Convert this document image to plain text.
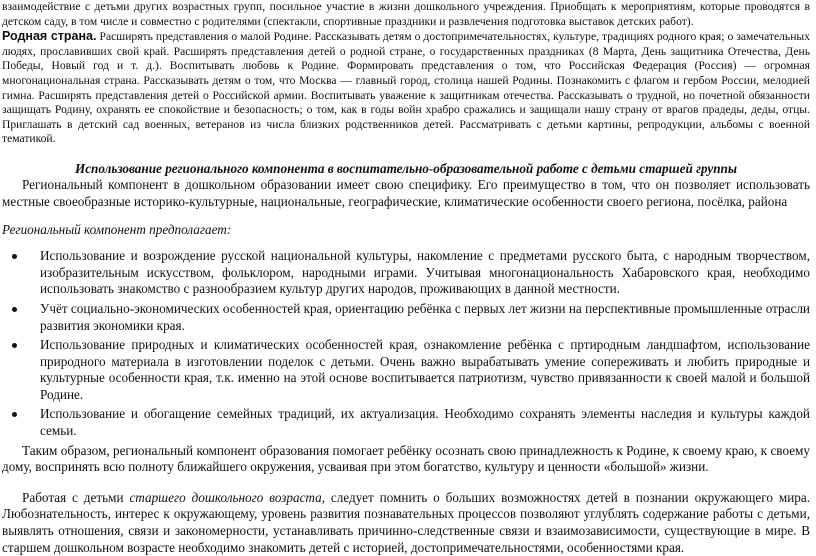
взаимодействие с детьми других возрастных групп, посильное участие в жизни дошкольного учреждения. Приобщать к мероприятиям, которые проводятся в детском саду, в том числе и совместно с родителями (спектакли, спортивные праздники и развлечения подготовка выставок детских работ).
Родная страна. Расширять представления о малой Родине. Рассказывать детям о достопримечательностях, культуре, традициях родного края; о замечательных людях, прославивших свой край. Расширять представления детей о родной стране, о государственных праздниках (8 Марта, День защитника Отечества, День Победы, Новый год и т. д.). Воспитывать любовь к Родине. Формировать представления о том, что Российская Федерация (Россия) — огромная многонациональная страна. Рассказывать детям о том, что Москва — главный город, столица нашей Родины. Познакомить с флагом и гербом России, мелодией гимна. Расширять представления детей о Российской армии. Воспитывать уважение к защитникам отечества. Рассказывать о трудной, но почетной обязанности защищать Родину, охранять ее спокойствие и безопасность; о том, как в годы войн храбро сражались и защищали нашу страну от врагов прадеды, деды, отцы. Приглашать в детский сад военных, ветеранов из числа близких родственников детей. Рассматривать с детьми картины, репродукции, альбомы с военной тематикой.

Использование регионального компонента в воспитательно-образовательной работе с детьми старшей группы

Региональный компонент в дошкольном образовании имеет свою специфику. Его преимущество в том, что он позволяет использовать местные своеобразные историко-культурные, национальные, географические, климатические особенности своего региона, посёлка, района

Региональный компонент предполагает:
Использование и возрождение русской национальной культуры, накомление с предметами русского быта, с народным творчеством, изобразительным искусством, фольклором, народными играми. Учитывая многонациональность Хабаровского края, необходимо использовать знакомство с разнообразием культур других народов, проживающих в данной местности.
Учёт социально-экономических особенностей края, ориентацию ребёнка с первых лет жизни на перспективные промышленные отрасли развития экономики края.
Использование природных и климатических особенностей края, ознакомление ребёнка с пртиродным ландшафтом, использование природного материала в изготовлении поделок с детьми. Очень важно вырабатывать умение сопереживать и любить природные и культурные особенности края, т.к. именно на этой основе воспитывается патриотизм, чувство привязанности к своей малой и большой Родине.
Использование и обогащение семейных традиций, их актуализация. Необходимо сохранять элементы наследия и культуры каждой семьи.

Таким образом, региональный компонент образования помогает ребёнку осознать свою принадлежность к Родине, к своему краю, к своему дому, воспринять всю полноту ближайшего окружения, усваивая при этом богатство, культуру и ценности «большой» жизни.

Работая с детьми старшего дошкольного возраста, следует помнить о больших возможностях детей в познании окружающего мира. Любознательность, интерес к окружающему, уровень развития познавательных процессов позволяют углублять содержание работы с детьми, выявлять отношения, связи и закономерности, устанавливать причинно-следственные связи и взаимозависимости, существующие в мире. В старшем дошкольном возрасте необходимо знакомить детей с историей, достопримечательностями, особенностями края.
